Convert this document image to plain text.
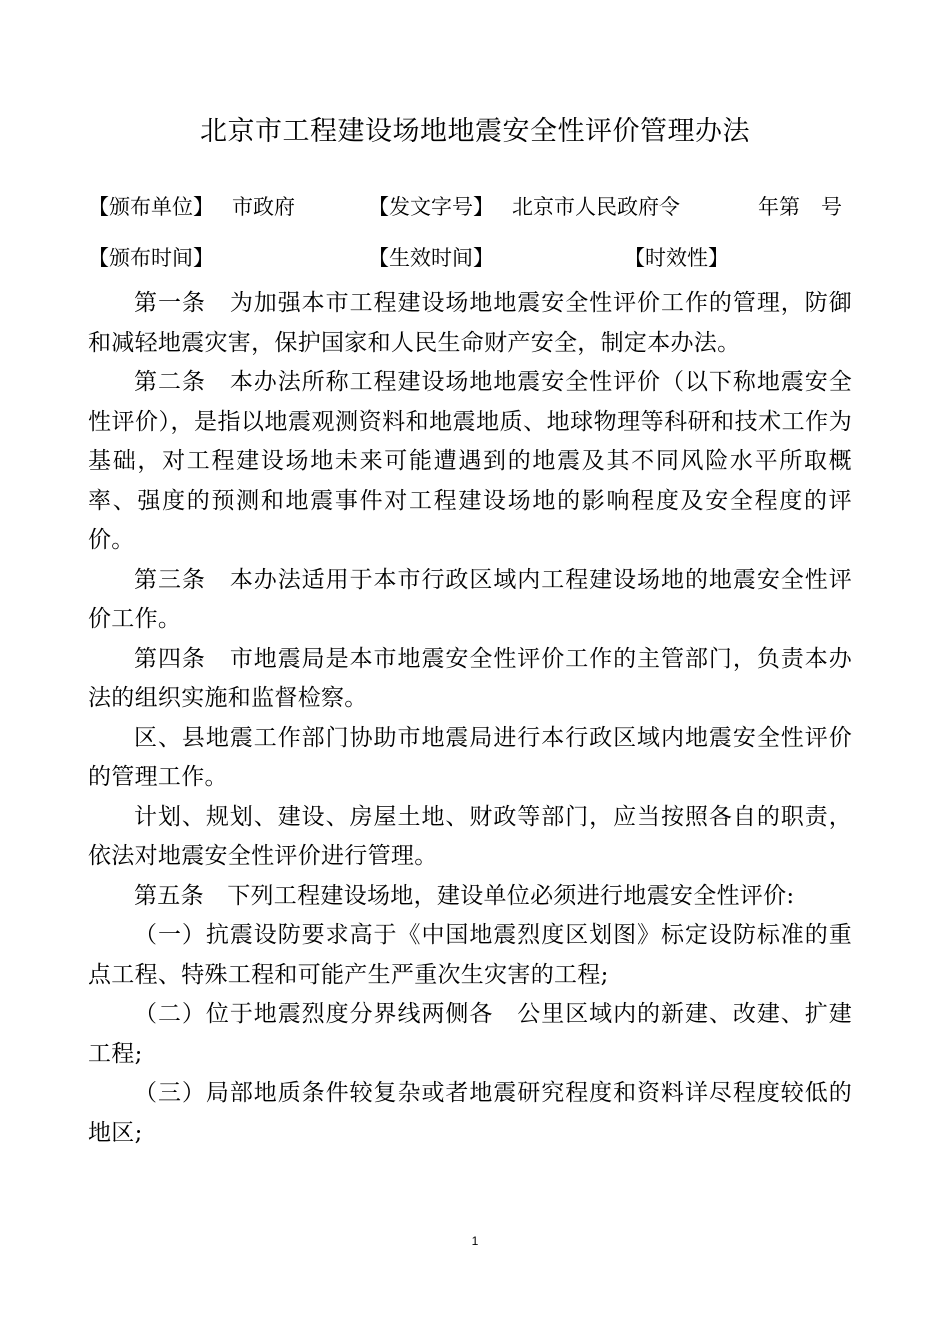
北京市工程建设场地地震安全性评价管理办法
【颁布单位】 市政府	【发文字号】 北京市人民政府令	年第　号
【颁布时间】	【生效时间】	【时效性】

第一条　为加强本市工程建设场地地震安全性评价工作的管理，防御和减轻地震灾害，保护国家和人民生命财产安全，制定本办法。

第二条　本办法所称工程建设场地地震安全性评价（以下称地震安全性评价），是指以地震观测资料和地震地质、地球物理等科研和技术工作为基础，对工程建设场地未来可能遭遇到的地震及其不同风险水平所取概率、强度的预测和地震事件对工程建设场地的影响程度及安全程度的评价。

第三条　本办法适用于本市行政区域内工程建设场地的地震安全性评价工作。

第四条　市地震局是本市地震安全性评价工作的主管部门，负责本办法的组织实施和监督检察。

区、县地震工作部门协助市地震局进行本行政区域内地震安全性评价的管理工作。

计划、规划、建设、房屋土地、财政等部门，应当按照各自的职责，依法对地震安全性评价进行管理。

第五条　下列工程建设场地，建设单位必须进行地震安全性评价:

（一）抗震设防要求高于《中国地震烈度区划图》标定设防标准的重点工程、特殊工程和可能产生严重次生灾害的工程;

（二）位于地震烈度分界线两侧各　公里区域内的新建、改建、扩建工程;

（三）局部地质条件较复杂或者地震研究程度和资料详尽程度较低的地区;

1
